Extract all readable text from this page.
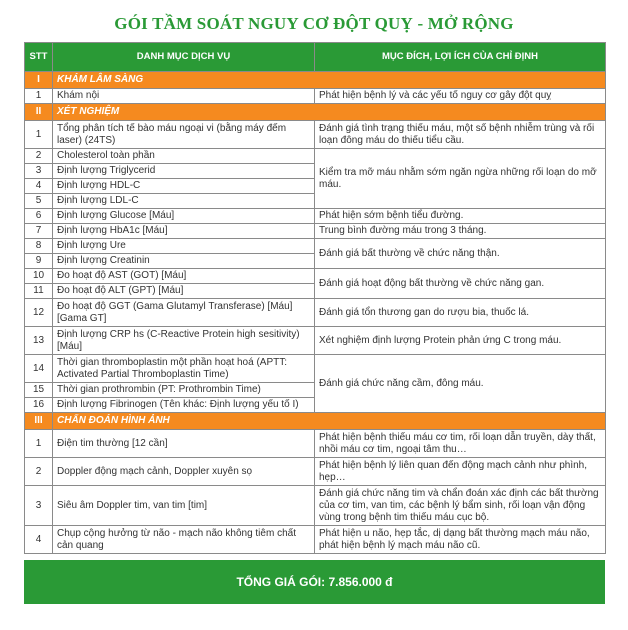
GÓI TẦM SOÁT NGUY CƠ ĐỘT QUỴ - MỞ RỘNG
STT	DANH MỤC DỊCH VỤ	MỤC ĐÍCH, LỢI ÍCH CỦA CHỈ ĐỊNH
I	KHÁM LÂM SÀNG	
1	Khám nội	Phát hiện bệnh lý và các yếu tố nguy cơ gây đột quỵ
II	XÉT NGHIỆM	
1	Tổng phân tích tế bào máu ngoại vi (bằng máy đếm laser) (24TS)	Đánh giá tình trạng thiếu máu, một số bệnh nhiễm trùng và rối loạn đông máu do thiếu tiểu cầu.
2	Cholesterol toàn phần	Kiểm tra mỡ máu nhằm sớm ngăn ngừa những rối loạn do mỡ máu.
3	Định lượng Triglycerid	
4	Định lượng HDL-C	
5	Định lượng LDL-C	
6	Định lượng Glucose [Máu]	Phát hiện sớm bệnh tiểu đường.
7	Định lượng HbA1c [Máu]	Trung bình đường máu trong 3 tháng.
8	Định lượng Ure	Đánh giá bất thường về chức năng thận.
9	Định lượng Creatinin	
10	Đo hoạt độ AST (GOT) [Máu]	Đánh giá hoạt động bất thường về chức năng gan.
11	Đo hoạt độ ALT (GPT) [Máu]	
12	Đo hoạt độ GGT (Gama Glutamyl Transferase) [Máu] [Gama GT]	Đánh giá tổn thương gan do rượu bia, thuốc lá.
13	Định lượng CRP hs (C-Reactive Protein high sesitivity) [Máu]	Xét nghiệm định lượng Protein phản ứng C trong máu.
14	Thời gian thromboplastin một phần hoạt hoá (APTT: Activated Partial Thromboplastin Time)	Đánh giá chức năng cầm, đông máu.
15	Thời gian prothrombin (PT: Prothrombin Time)	
16	Định lượng Fibrinogen (Tên khác: Định lượng yếu tố I)	
III	CHẨN ĐOÁN HÌNH ẢNH	
1	Điện tim thường [12 cần]	Phát hiện bệnh thiếu máu cơ tim, rối loạn dẫn truyền, dày thất, nhồi máu cơ tim, ngoại tâm thu…
2	Doppler động mạch cảnh, Doppler xuyên sọ	Phát hiện bệnh lý liên quan đến động mạch cảnh như phình, hẹp…
3	Siêu âm Doppler tim, van tim [tim]	Đánh giá chức năng tim và chẩn đoán xác định các bất thường của cơ tim, van tim, các bệnh lý bẩm sinh, rối loạn vận động vùng trong bệnh tim thiếu máu cục bộ.
4	Chụp cộng hưởng từ não - mạch não không tiêm chất cản quang	Phát hiện u não, hẹp tắc, dị dạng bất thường mạch máu não, phát hiện bệnh lý mạch máu não cũ.
TỔNG GIÁ GÓI: 7.856.000 đ
